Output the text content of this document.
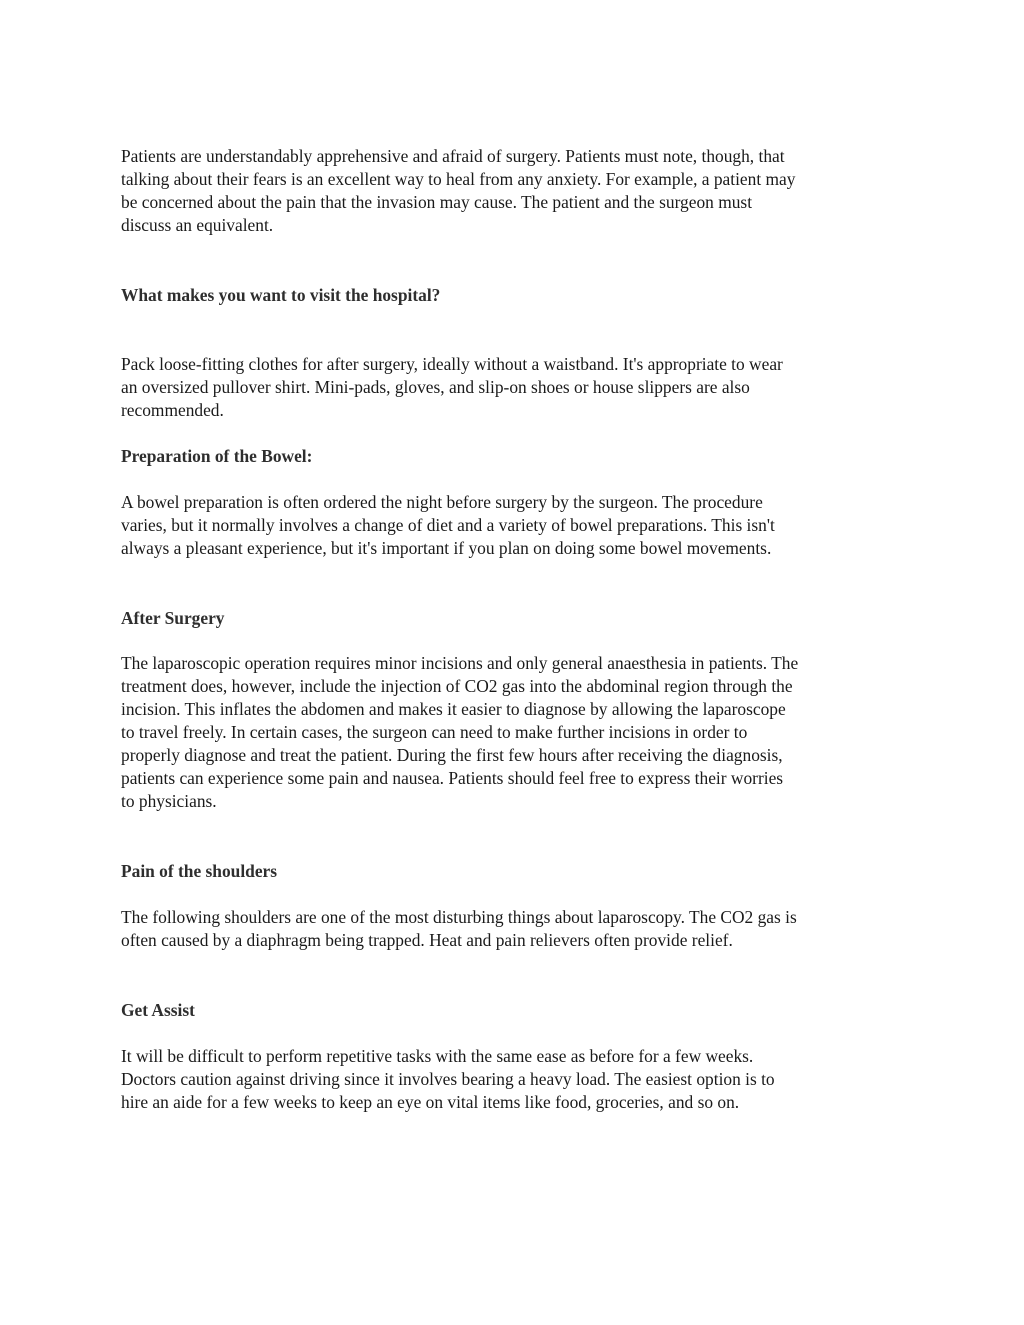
Patients are understandably apprehensive and afraid of surgery. Patients must note, though, that
talking about their fears is an excellent way to heal from any anxiety. For example, a patient may
be concerned about the pain that the invasion may cause. The patient and the surgeon must
discuss an equivalent.
What makes you want to visit the hospital?
Pack loose-fitting clothes for after surgery, ideally without a waistband. It's appropriate to wear
an oversized pullover shirt. Mini-pads, gloves, and slip-on shoes or house slippers are also
recommended.
Preparation of the Bowel:
A bowel preparation is often ordered the night before surgery by the surgeon. The procedure
varies, but it normally involves a change of diet and a variety of bowel preparations. This isn't
always a pleasant experience, but it's important if you plan on doing some bowel movements.
After Surgery
The laparoscopic operation requires minor incisions and only general anaesthesia in patients. The
treatment does, however, include the injection of CO2 gas into the abdominal region through the
incision. This inflates the abdomen and makes it easier to diagnose by allowing the laparoscope
to travel freely. In certain cases, the surgeon can need to make further incisions in order to
properly diagnose and treat the patient. During the first few hours after receiving the diagnosis,
patients can experience some pain and nausea. Patients should feel free to express their worries
to physicians.
Pain of the shoulders
The following shoulders are one of the most disturbing things about laparoscopy. The CO2 gas is
often caused by a diaphragm being trapped. Heat and pain relievers often provide relief.
Get Assist
It will be difficult to perform repetitive tasks with the same ease as before for a few weeks.
Doctors caution against driving since it involves bearing a heavy load. The easiest option is to
hire an aide for a few weeks to keep an eye on vital items like food, groceries, and so on.
